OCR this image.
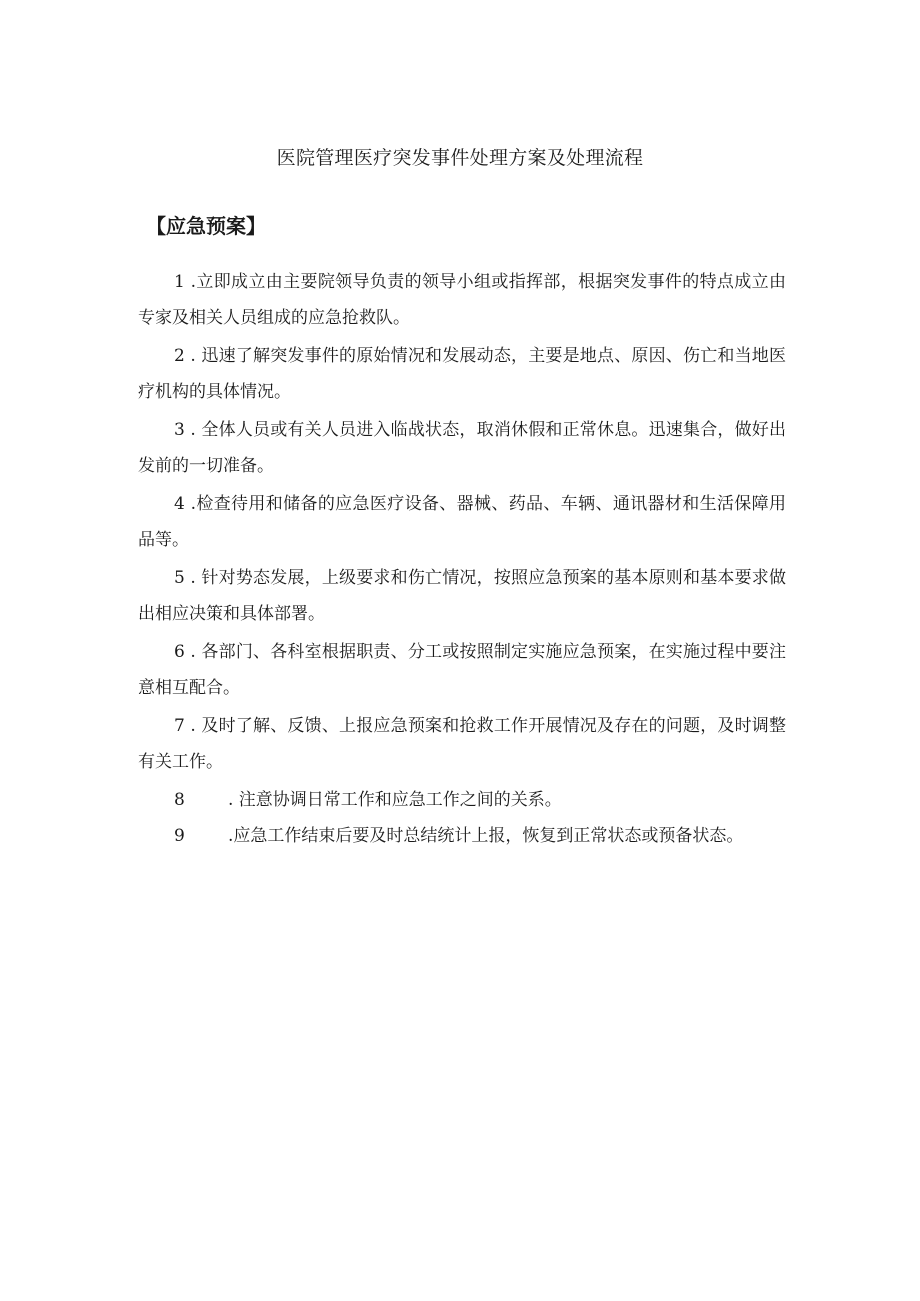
医院管理医疗突发事件处理方案及处理流程
【应急预案】
1 .立即成立由主要院领导负责的领导小组或指挥部，根据突发事件的特点成立由专家及相关人员组成的应急抢救队。
2 . 迅速了解突发事件的原始情况和发展动态，主要是地点、原因、伤亡和当地医疗机构的具体情况。
3 . 全体人员或有关人员进入临战状态，取消休假和正常休息。迅速集合，做好出发前的一切准备。
4 .检查待用和储备的应急医疗设备、器械、药品、车辆、通讯器材和生活保障用品等。
5 . 针对势态发展，上级要求和伤亡情况，按照应急预案的基本原则和基本要求做出相应决策和具体部署。
6 . 各部门、各科室根据职责、分工或按照制定实施应急预案，在实施过程中要注意相互配合。
7 . 及时了解、反馈、上报应急预案和抢救工作开展情况及存在的问题，及时调整有关工作。
8	. 注意协调日常工作和应急工作之间的关系。
9	.应急工作结束后要及时总结统计上报，恢复到正常状态或预备状态。
